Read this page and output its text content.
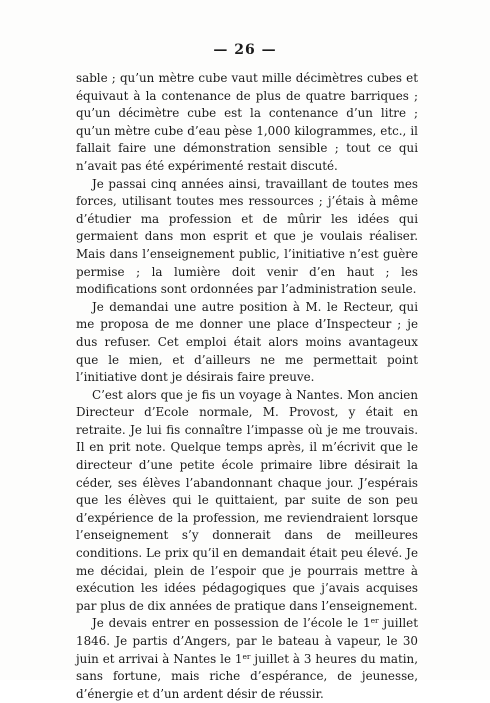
— 26 —

sable ; qu’un mètre cube vaut mille décimètres cubes et équivaut à la contenance de plus de quatre barriques ; qu’un décimètre cube est la contenance d’un litre ; qu’un mètre cube d’eau pèse 1,000 kilogrammes, etc., il fallait faire une démonstration sensible ; tout ce qui n’avait pas été expérimenté restait discuté.

Je passai cinq années ainsi, travaillant de toutes mes forces, utilisant toutes mes ressources ; j’étais à même d’étudier ma profession et de mûrir les idées qui germaient dans mon esprit et que je voulais réaliser. Mais dans l’enseignement public, l’initiative n’est guère permise ; la lumière doit venir d’en haut ; les modifications sont ordonnées par l’administration seule.

Je demandai une autre position à M. le Recteur, qui me proposa de me donner une place d’Inspecteur ; je dus refuser. Cet emploi était alors moins avantageux que le mien, et d’ailleurs ne me permettait point l’initiative dont je désirais faire preuve.

C’est alors que je fis un voyage à Nantes. Mon ancien Directeur d’Ecole normale, M. Provost, y était en retraite. Je lui fis connaître l’impasse où je me trouvais. Il en prit note. Quelque temps après, il m’écrivit que le directeur d’une petite école primaire libre désirait la céder, ses élèves l’abandonnant chaque jour. J’espérais que les élèves qui le quittaient, par suite de son peu d’expérience de la profession, me reviendraient lorsque l’enseignement s’y donnerait dans de meilleures conditions. Le prix qu’il en demandait était peu élevé. Je me décidai, plein de l’espoir que je pourrais mettre à exécution les idées pédagogiques que j’avais acquises par plus de dix années de pratique dans l’enseignement.

Je devais entrer en possession de l’école le 1er juillet 1846. Je partis d’Angers, par le bateau à vapeur, le 30 juin et arrivai à Nantes le 1er juillet à 3 heures du matin, sans fortune, mais riche d’espérance, de jeunesse, d’énergie et d’un ardent désir de réussir.
